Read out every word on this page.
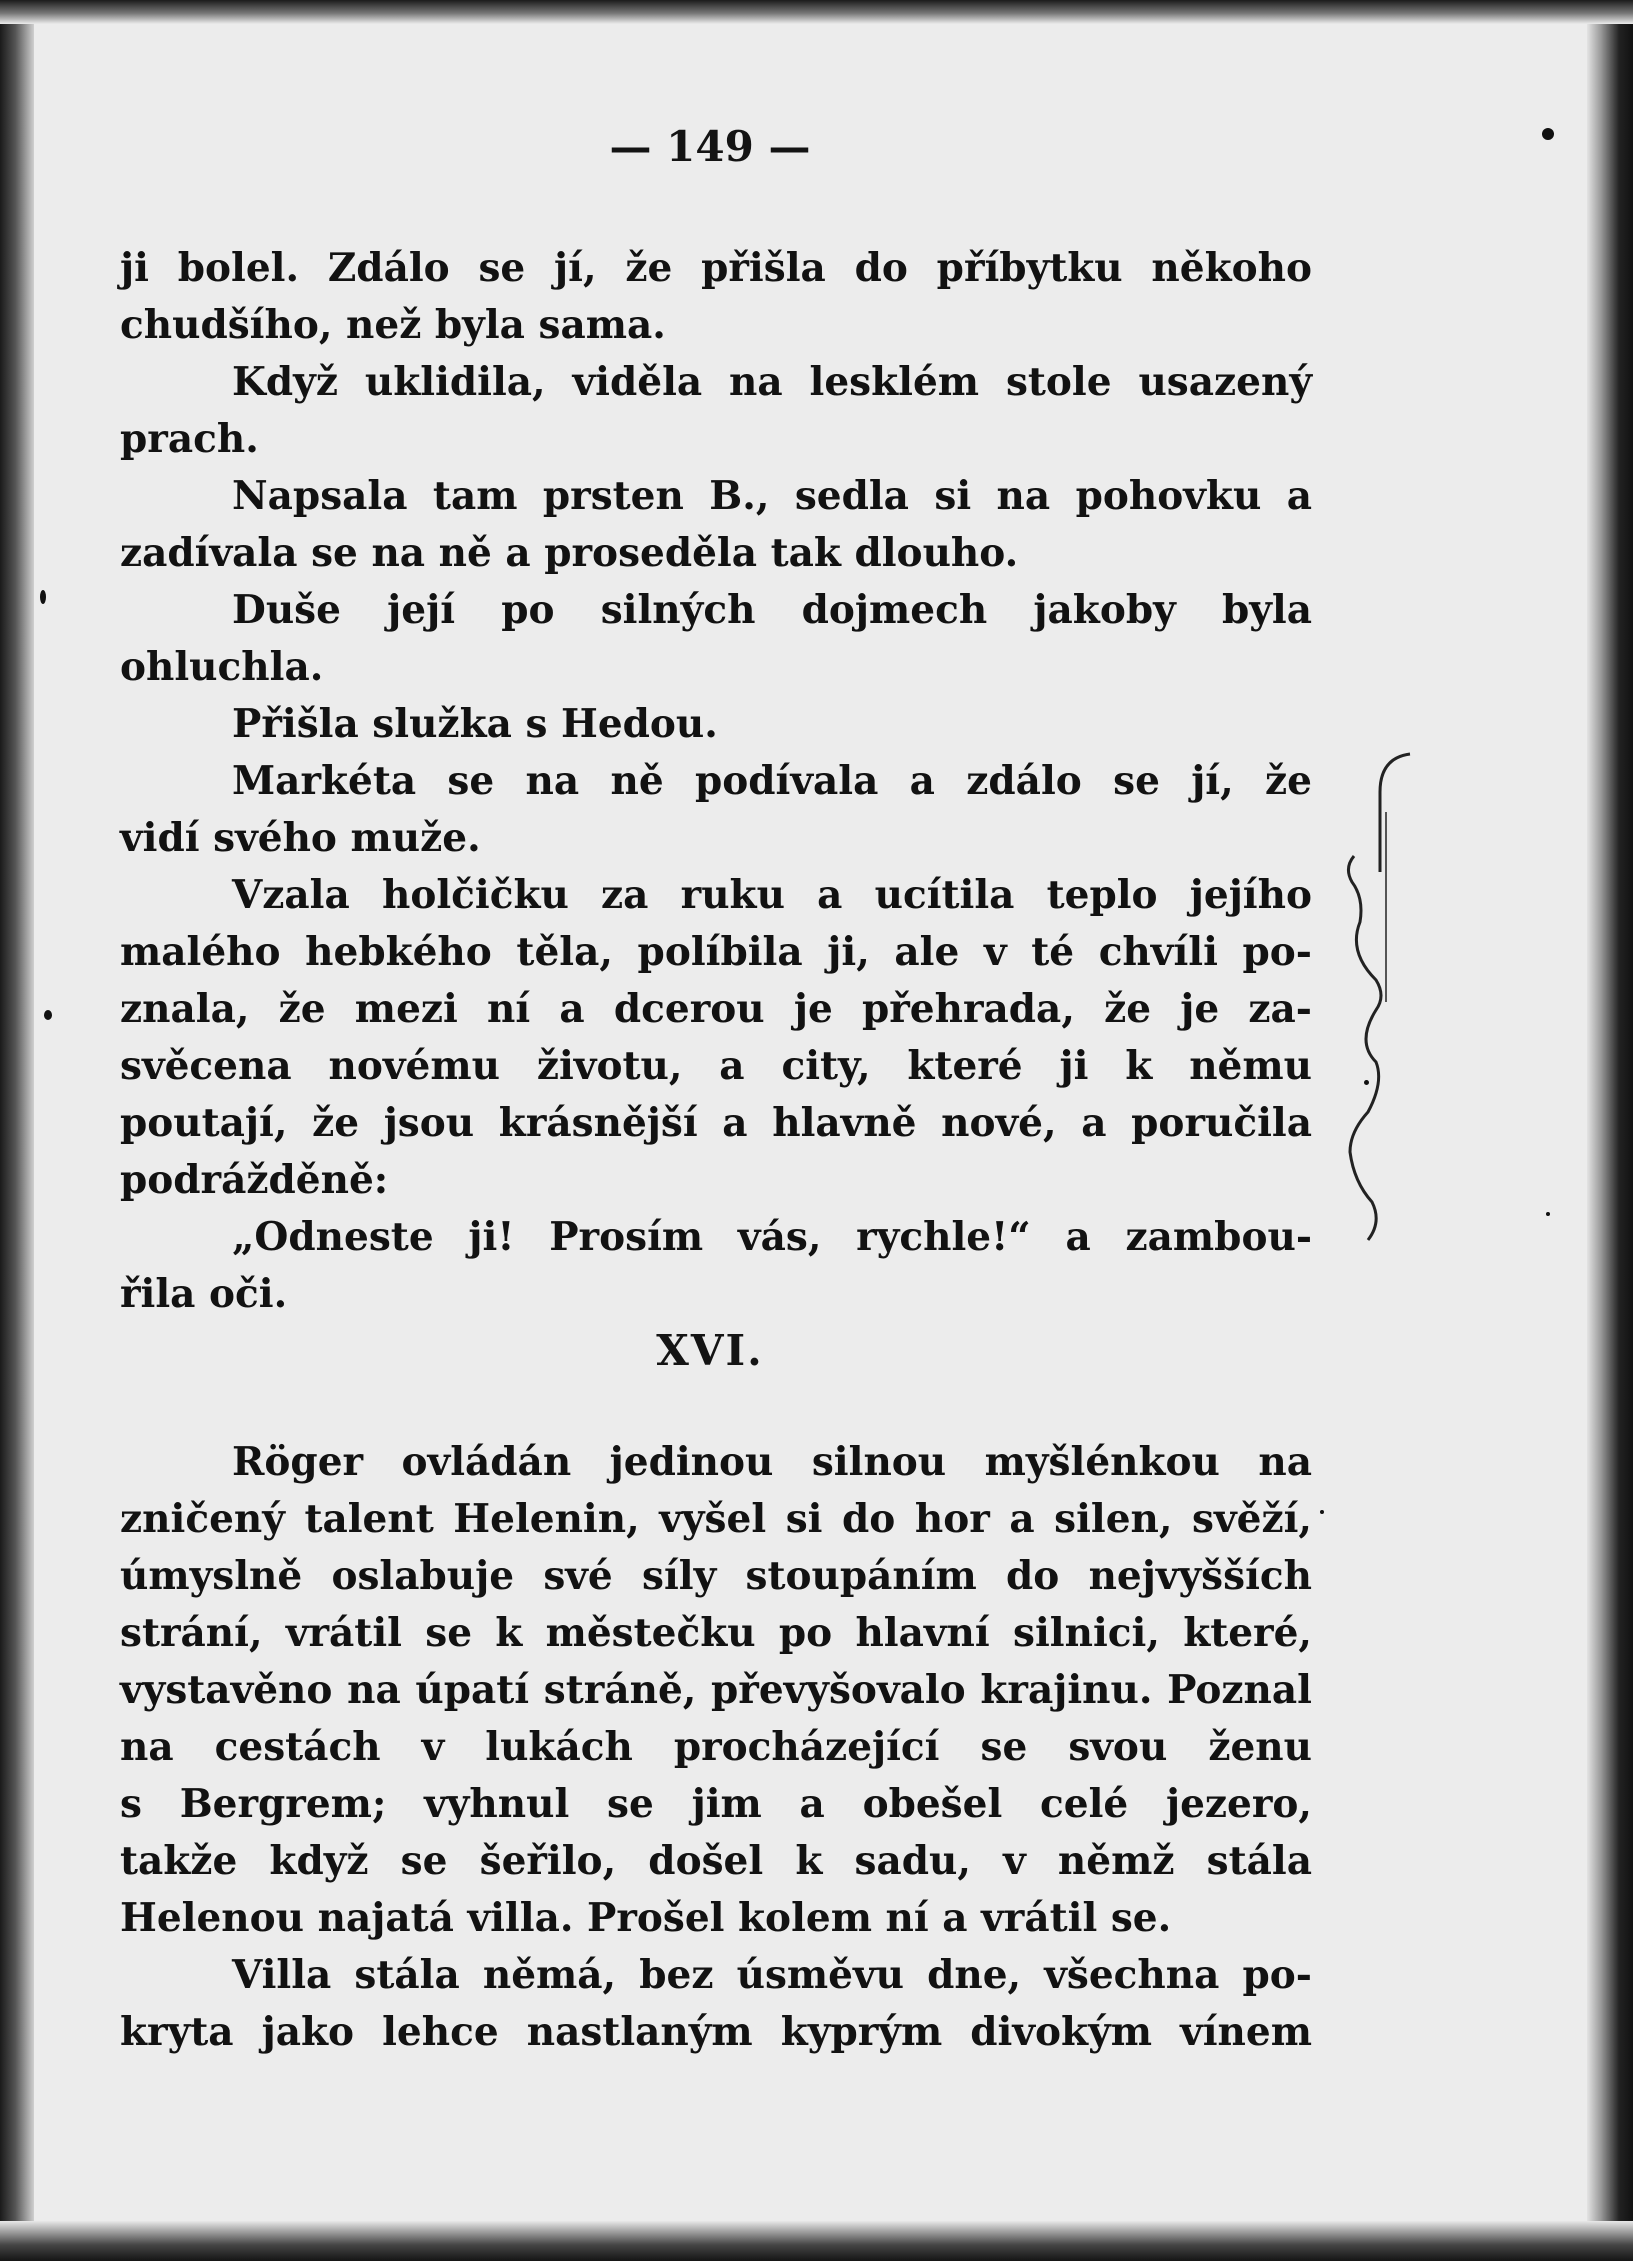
— 149 —
ji bolel. Zdálo se jí, že přišla do příbytku někoho
chudšího, než byla sama.
Když uklidila, viděla na lesklém stole usazený
prach.
Napsala tam prsten B., sedla si na pohovku a
zadívala se na ně a proseděla tak dlouho.
Duše její po silných dojmech jakoby byla
ohluchla.
Přišla služka s Hedou.
Markéta se na ně podívala a zdálo se jí, že
vidí svého muže.
Vzala holčičku za ruku a ucítila teplo jejího
malého hebkého těla, políbila ji, ale v té chvíli po-
znala, že mezi ní a dcerou je přehrada, že je za-
svěcena novému životu, a city, které ji k němu
poutají, že jsou krásnější a hlavně nové, a poručila
podrážděně:
„Odneste ji! Prosím vás, rychle!“ a zambou-
řila oči.
XVI.
Röger ovládán jedinou silnou myšlénkou na
zničený talent Helenin, vyšel si do hor a silen, svěží,
úmyslně oslabuje své síly stoupáním do nejvyšších
strání, vrátil se k městečku po hlavní silnici, které,
vystavěno na úpatí stráně, převyšovalo krajinu. Poznal
na cestách v lukách procházející se svou ženu
s Bergrem; vyhnul se jim a obešel celé jezero,
takže když se šeřilo, došel k sadu, v němž stála
Helenou najatá villa. Prošel kolem ní a vrátil se.
Villa stála němá, bez úsměvu dne, všechna po-
kryta jako lehce nastlaným kyprým divokým vínem
